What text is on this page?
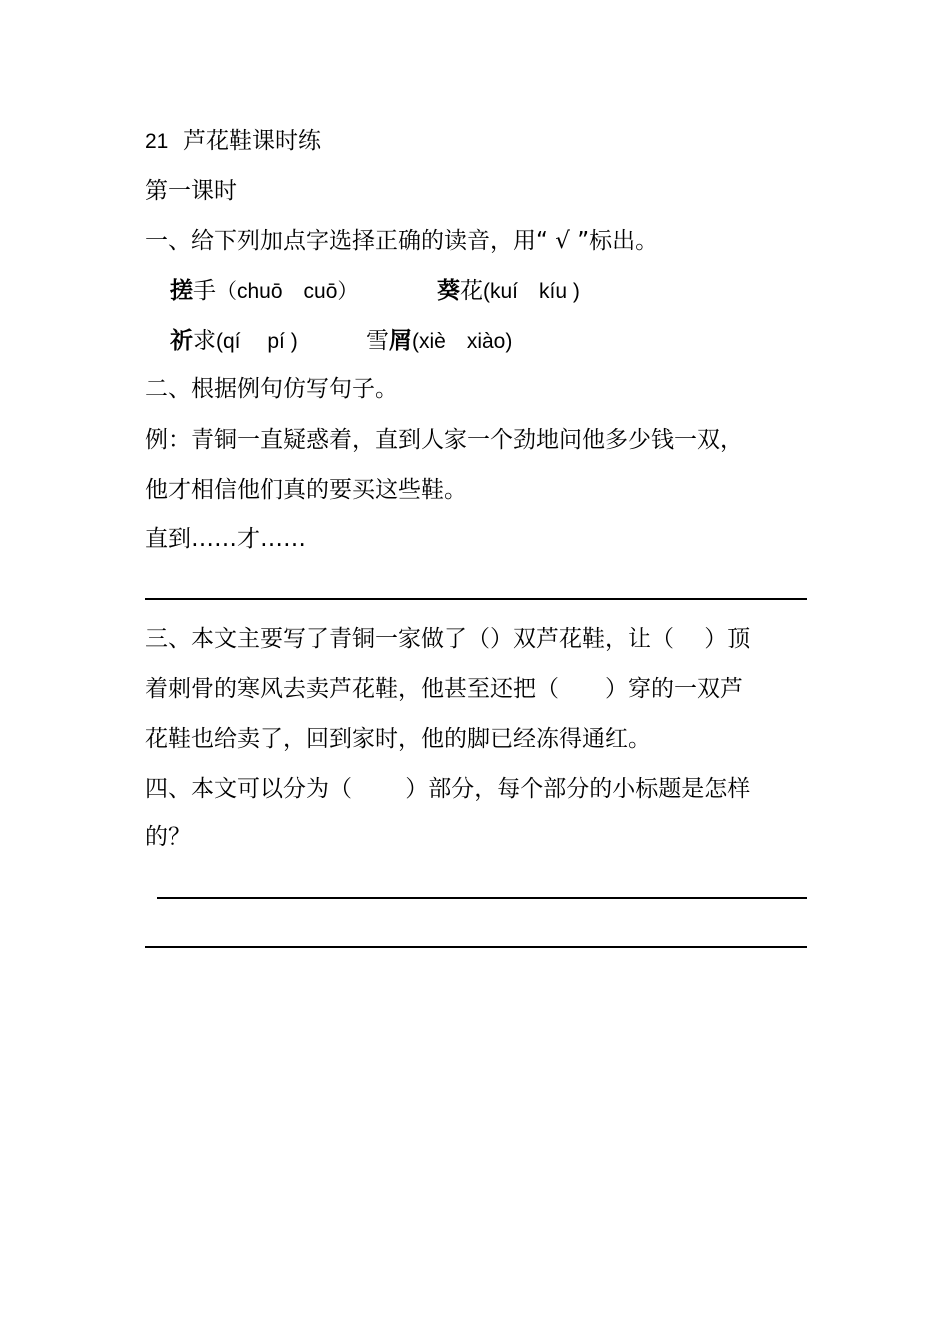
21 芦花鞋课时练
第一课时
一、给下列加点字选择正确的读音，用“ √ ”标出。
搓手（chuō　cuō）	葵花(kuí　kíu )
祈求(qí　 pí )	雪屑(xiè　xiào)
二、根据例句仿写句子。
例：青铜一直疑惑着，直到人家一个劲地问他多少钱一双，
他才相信他们真的要买这些鞋。
直到……才……
三、本文主要写了青铜一家做了（）双芦花鞋，让（　 ）顶
着刺骨的寒风去卖芦花鞋，他甚至还把（　　）穿的一双芦
花鞋也给卖了，回到家时，他的脚已经冻得通红。
四、本文可以分为（　　 ）部分，每个部分的小标题是怎样
的？
